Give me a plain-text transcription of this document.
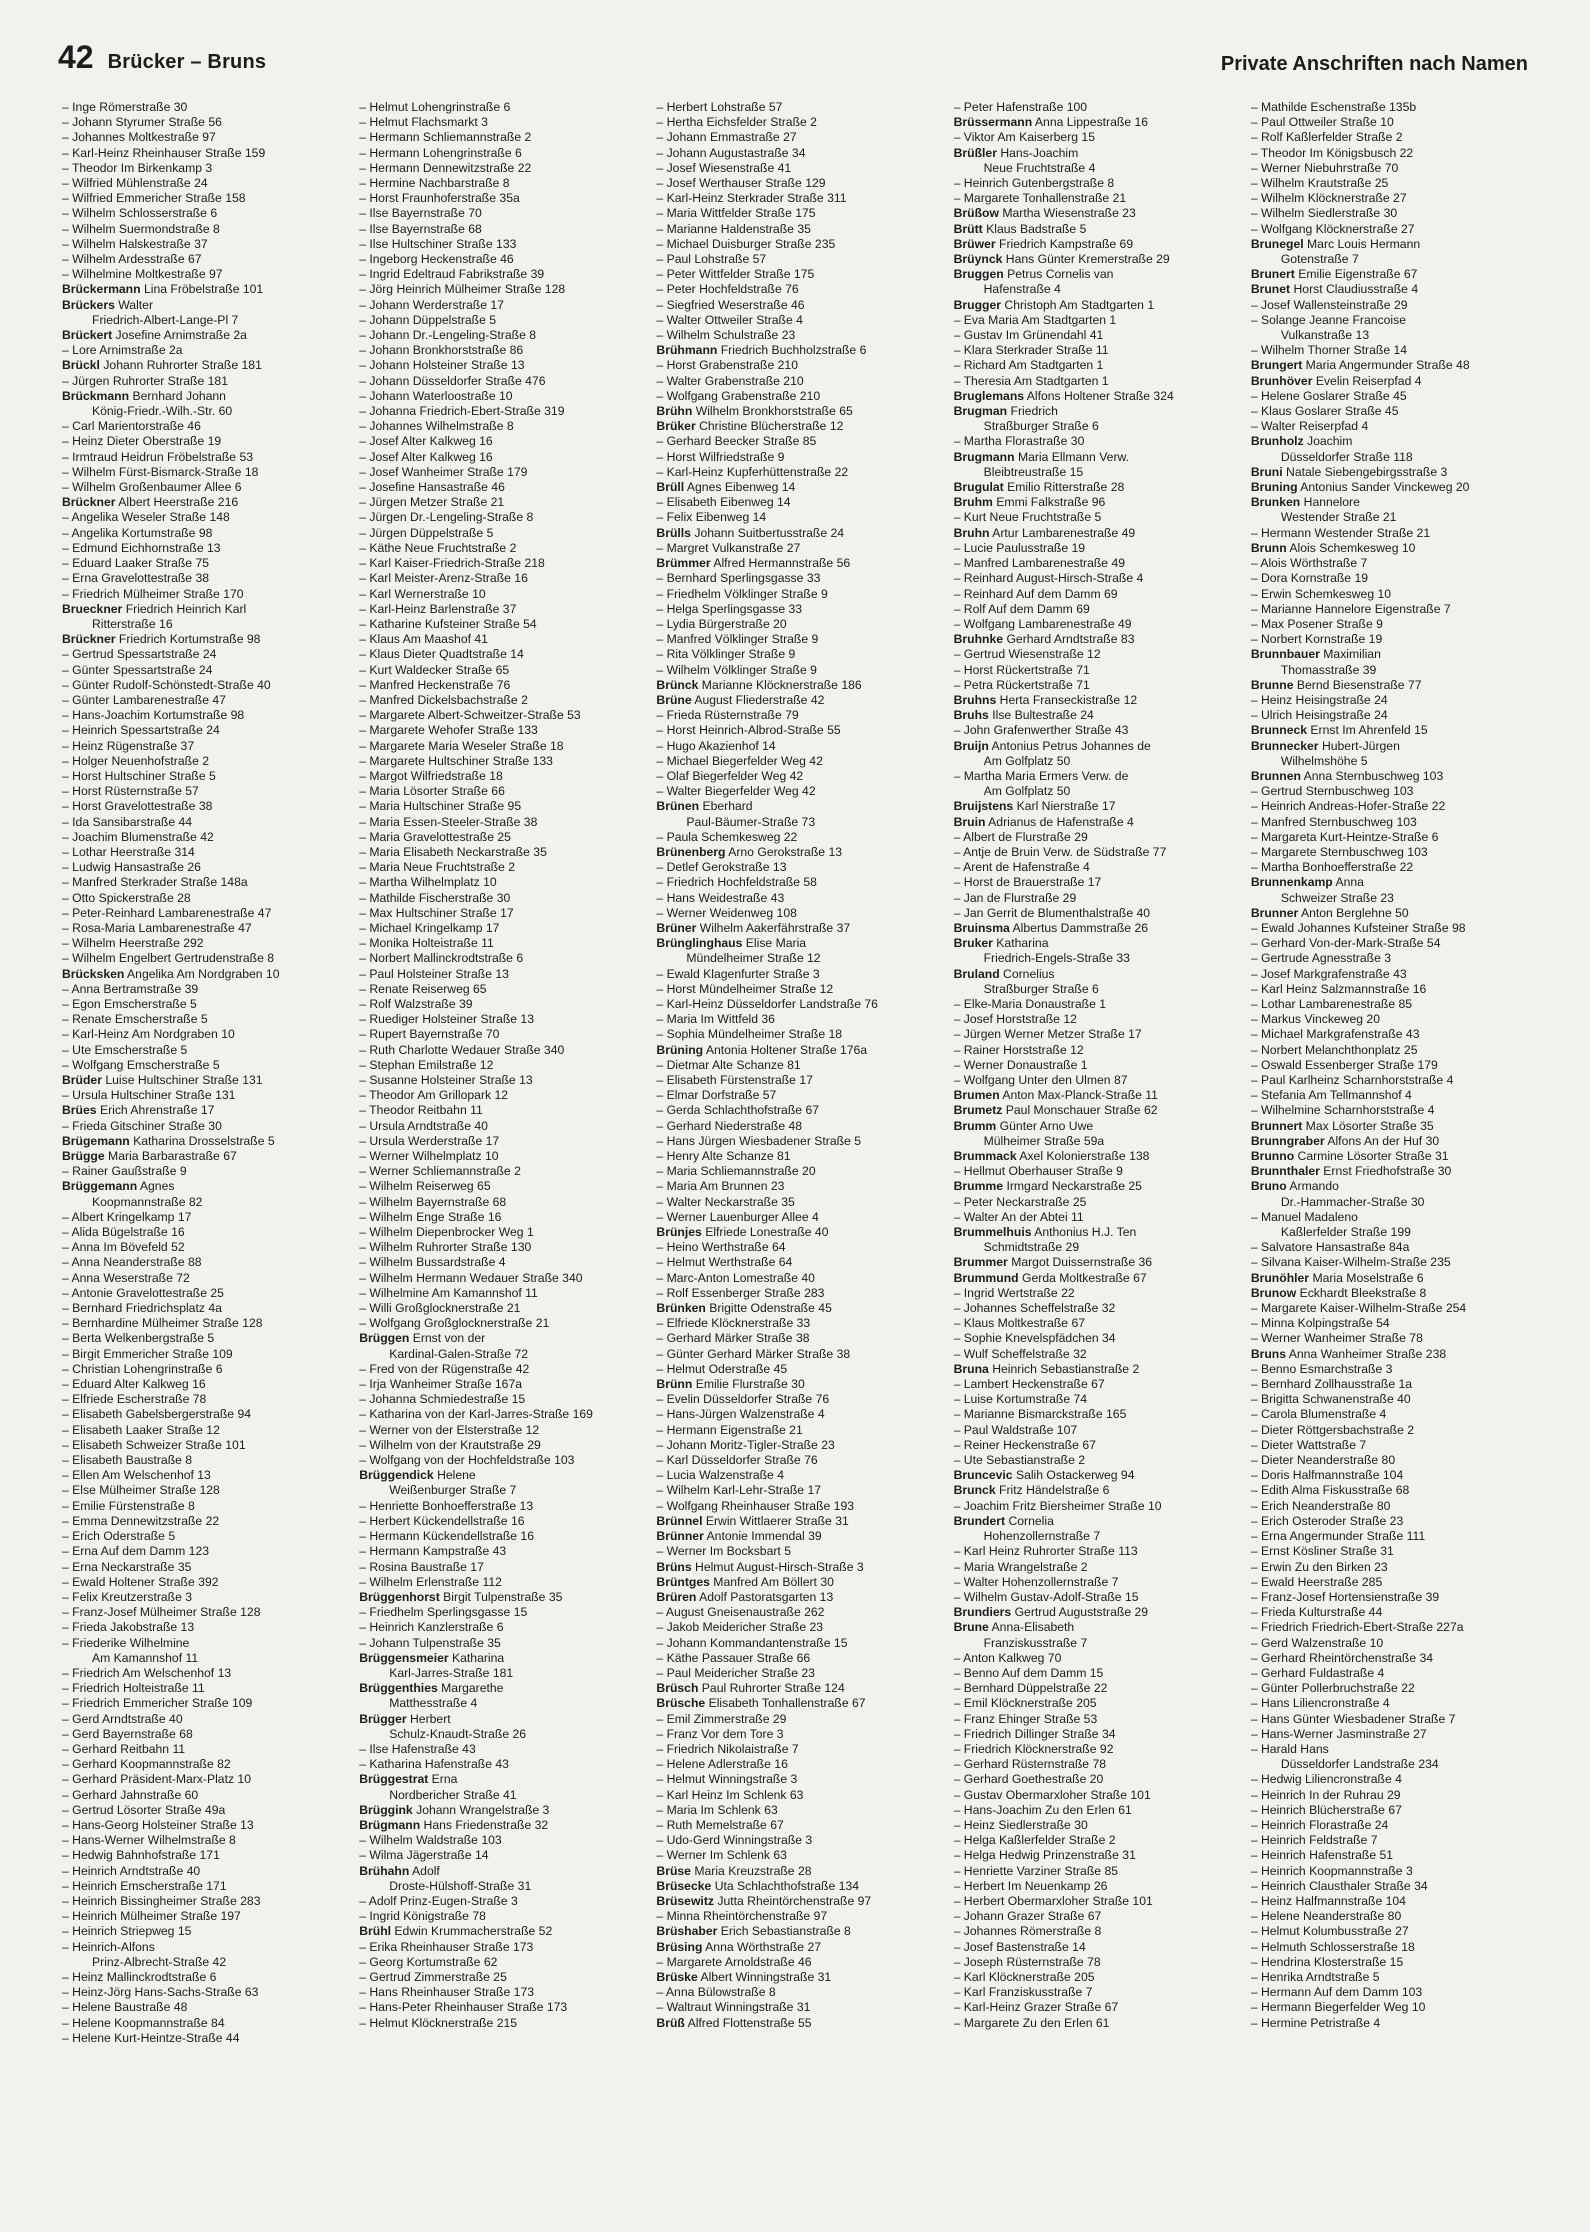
42 Brücker – Bruns	Private Anschriften nach Namen
– Inge Römerstraße 30
– Johann Styrumer Straße 56
– Johannes Moltkestraße 97
– Karl-Heinz Rheinhauser Straße 159
– Theodor Im Birkenkamp 3
– Wilfried Mühlenstraße 24
– Wilfried Emmericher Straße 158
– Wilhelm Schlosserstraße 6
– Wilhelm Suermondstraße 8
– Wilhelm Halskestraße 37
– Wilhelm Ardesstraße 67
– Wilhelmine Moltkestraße 97
Brückermann Lina Fröbelstraße 101
Brückers Walter
Friedrich-Albert-Lange-Pl 7
Brückert Josefine Arnimstraße 2a
– Lore Arnimstraße 2a
Brückl Johann Ruhrorter Straße 181
– Jürgen Ruhrorter Straße 181
Brückmann Bernhard Johann
König-Friedr.-Wilh.-Str. 60
– Carl Marientorstraße 46
– Heinz Dieter Oberstraße 19
– Irmtraud Heidrun Fröbelstraße 53
– Wilhelm Fürst-Bismarck-Straße 18
– Wilhelm Großenbaumer Allee 6
Brückner Albert Heerstraße 216
– Angelika Weseler Straße 148
– Angelika Kortumstraße 98
– Edmund Eichhornstraße 13
– Eduard Laaker Straße 75
– Erna Gravelottestraße 38
– Friedrich Mülheimer Straße 170
Brueckner Friedrich Heinrich Karl
Ritterstraße 16
Brückner Friedrich Kortumstraße 98
– Gertrud Spessartstraße 24
– Günter Spessartstraße 24
– Günter Rudolf-Schönstedt-Straße 40
– Günter Lambarenestraße 47
– Hans-Joachim Kortumstraße 98
– Heinrich Spessartstraße 24
– Heinz Rügenstraße 37
– Holger Neuenhofstraße 2
– Horst Hultschiner Straße 5
– Horst Rüsternstraße 57
– Horst Gravelottestraße 38
– Ida Sansibarstraße 44
– Joachim Blumenstraße 42
– Lothar Heerstraße 314
– Ludwig Hansastraße 26
– Manfred Sterkrader Straße 148a
– Otto Spickerstraße 28
– Peter-Reinhard Lambarenestraße 47
– Rosa-Maria Lambarenestraße 47
– Wilhelm Heerstraße 292
– Wilhelm Engelbert Gertrudenstraße 8
Brücksken Angelika Am Nordgraben 10
– Anna Bertramstraße 39
– Egon Emscherstraße 5
– Renate Emscherstraße 5
– Karl-Heinz Am Nordgraben 10
– Ute Emscherstraße 5
– Wolfgang Emscherstraße 5
Brüder Luise Hultschiner Straße 131
– Ursula Hultschiner Straße 131
Brües Erich Ahrenstraße 17
– Frieda Gitschiner Straße 30
Brügemann Katharina Drosselstraße 5
Brügge Maria Barbarastraße 67
– Rainer Gaußstraße 9
Brüggemann Agnes
Koopmannstraße 82
– Albert Kringelkamp 17
– Alida Bügelstraße 16
– Anna Im Bövefeld 52
– Anna Neanderstraße 88
– Anna Weserstraße 72
– Antonie Gravelottestraße 25
– Bernhard Friedrichsplatz 4a
– Bernhardine Mülheimer Straße 128
– Berta Welkenbergstraße 5
– Birgit Emmericher Straße 109
– Christian Lohengrinstraße 6
– Eduard Alter Kalkweg 16
– Elfriede Escherstraße 78
– Elisabeth Gabelsbergerstraße 94
– Elisabeth Laaker Straße 12
– Elisabeth Schweizer Straße 101
– Elisabeth Baustraße 8
– Ellen Am Welschenhof 13
– Else Mülheimer Straße 128
– Emilie Fürstenstraße 8
– Emma Dennewitzstraße 22
– Erich Oderstraße 5
– Erna Auf dem Damm 123
– Erna Neckarstraße 35
– Ewald Holtener Straße 392
– Felix Kreutzerstraße 3
– Franz-Josef Mülheimer Straße 128
– Frieda Jakobstraße 13
– Friederike Wilhelmine
Am Kamannshof 11
– Friedrich Am Welschenhof 13
– Friedrich Holteistraße 11
– Friedrich Emmericher Straße 109
– Gerd Arndtstraße 40
– Gerd Bayernstraße 68
– Gerhard Reitbahn 11
– Gerhard Koopmannstraße 82
– Gerhard Präsident-Marx-Platz 10
– Gerhard Jahnstraße 60
– Gertrud Lösorter Straße 49a
– Hans-Georg Holsteiner Straße 13
– Hans-Werner Wilhelmstraße 8
– Hedwig Bahnhofstraße 171
– Heinrich Arndtstraße 40
– Heinrich Emscherstraße 171
– Heinrich Bissingheimer Straße 283
– Heinrich Mülheimer Straße 197
– Heinrich Striepweg 15
– Heinrich-Alfons
Prinz-Albrecht-Straße 42
– Heinz Mallinckrodtstraße 6
– Heinz-Jörg Hans-Sachs-Straße 63
– Helene Baustraße 48
– Helene Koopmannstraße 84
– Helene Kurt-Heintze-Straße 44
– Helmut Lohengrinstraße 6
– Helmut Flachsmarkt 3
– Hermann Schliemannstraße 2
– Hermann Lohengrinstraße 6
– Hermann Dennewitzstraße 22
– Hermine Nachbarstraße 8
– Horst Fraunhoferstraße 35a
– Ilse Bayernstraße 70
– Ilse Bayernstraße 68
– Ilse Hultschiner Straße 133
– Ingeborg Heckenstraße 46
– Ingrid Edeltraud Fabrikstraße 39
– Jörg Heinrich Mülheimer Straße 128
– Johann Werderstraße 17
– Johann Düppelstraße 5
– Johann Dr.-Lengeling-Straße 8
– Johann Bronkhorststraße 86
– Johann Holsteiner Straße 13
– Johann Düsseldorfer Straße 476
– Johann Waterloostraße 10
– Johanna Friedrich-Ebert-Straße 319
– Johannes Wilhelmstraße 8
– Josef Alter Kalkweg 16
– Josef Alter Kalkweg 16
– Josef Wanheimer Straße 179
– Josefine Hansastraße 46
– Jürgen Metzer Straße 21
– Jürgen Dr.-Lengeling-Straße 8
– Jürgen Düppelstraße 5
– Käthe Neue Fruchtstraße 2
– Karl Kaiser-Friedrich-Straße 218
– Karl Meister-Arenz-Straße 16
– Karl Wernerstraße 10
– Karl-Heinz Barlenstraße 37
– Katharine Kufsteiner Straße 54
– Klaus Am Maashof 41
– Klaus Dieter Quadtstraße 14
– Kurt Waldecker Straße 65
– Manfred Heckenstraße 76
– Manfred Dickelsbachstraße 2
– Margarete Albert-Schweitzer-Straße 53
– Margarete Wehofer Straße 133
– Margarete Maria Weseler Straße 18
– Margarete Hultschiner Straße 133
– Margot Wilfriedstraße 18
– Maria Lösorter Straße 66
– Maria Hultschiner Straße 95
– Maria Essen-Steeler-Straße 38
– Maria Gravelottestraße 25
– Maria Elisabeth Neckarstraße 35
– Maria Neue Fruchtstraße 2
– Martha Wilhelmplatz 10
– Mathilde Fischerstraße 30
– Max Hultschiner Straße 17
– Michael Kringelkamp 17
– Monika Holteistraße 11
– Norbert Mallinckrodtstraße 6
– Paul Holsteiner Straße 13
– Renate Reiserweg 65
– Rolf Walzstraße 39
– Ruediger Holsteiner Straße 13
– Rupert Bayernstraße 70
– Ruth Charlotte Wedauer Straße 340
– Stephan Emilstraße 12
– Susanne Holsteiner Straße 13
– Theodor Am Grillopark 12
– Theodor Reitbahn 11
– Ursula Arndtstraße 40
– Ursula Werderstraße 17
– Werner Wilhelmplatz 10
– Werner Schliemannstraße 2
– Wilhelm Reiserweg 65
– Wilhelm Bayernstraße 68
– Wilhelm Enge Straße 16
– Wilhelm Diepenbrocker Weg 1
– Wilhelm Ruhrorter Straße 130
– Wilhelm Bussardstraße 4
– Wilhelm Hermann Wedauer Straße 340
– Wilhelmine Am Kamannshof 11
– Willi Großglocknerstraße 21
– Wolfgang Großglocknerstraße 21
Brüggen Ernst von der
Kardinal-Galen-Straße 72
– Fred von der Rügenstraße 42
– Irja Wanheimer Straße 167a
– Johanna Schmiedestraße 15
– Katharina von der Karl-Jarres-Straße 169
– Werner von der Elsterstraße 12
– Wilhelm von der Krautstraße 29
– Wolfgang von der Hochfeldstraße 103
Brüggendick Helene
Weißenburger Straße 7
– Henriette Bonhoefferstraße 13
– Herbert Kückendellstraße 16
– Hermann Kückendellstraße 16
– Hermann Kampstraße 43
– Rosina Baustraße 17
– Wilhelm Erlenstraße 112
Brüggenhorst Birgit Tulpenstraße 35
– Friedhelm Sperlingsgasse 15
– Heinrich Kanzlerstraße 6
– Johann Tulpenstraße 35
Brüggensmeier Katharina
Karl-Jarres-Straße 181
Brüggenthies Margarethe
Matthesstraße 4
Brügger Herbert
Schulz-Knaudt-Straße 26
– Ilse Hafenstraße 43
– Katharina Hafenstraße 43
Brüggestrat Erna
Nordbericher Straße 41
Brüggink Johann Wrangelstraße 3
Brügmann Hans Friedenstraße 32
– Wilhelm Waldstraße 103
– Wilma Jägerstraße 14
Brühahn Adolf
Droste-Hülshoff-Straße 31
– Adolf Prinz-Eugen-Straße 3
– Ingrid Königstraße 78
Brühl Edwin Krummacherstraße 52
– Erika Rheinhauser Straße 173
– Georg Kortumstraße 62
– Gertrud Zimmerstraße 25
– Hans Rheinhauser Straße 173
– Hans-Peter Rheinhauser Straße 173
– Helmut Klöcknerstraße 215
– Herbert Lohstraße 57
– Hertha Eichsfelder Straße 2
– Johann Emmastraße 27
– Johann Augustastraße 34
– Josef Wiesenstraße 41
– Josef Werthauser Straße 129
– Karl-Heinz Sterkrader Straße 311
– Maria Wittfelder Straße 175
– Marianne Haldenstraße 35
– Michael Duisburger Straße 235
– Paul Lohstraße 57
– Peter Wittfelder Straße 175
– Peter Hochfeldstraße 76
– Siegfried Weserstraße 46
– Walter Ottweiler Straße 4
– Wilhelm Schulstraße 23
Brühmann Friedrich Buchholzstraße 6
– Horst Grabenstraße 210
– Walter Grabenstraße 210
– Wolfgang Grabenstraße 210
Brühn Wilhelm Bronkhorststraße 65
Brüker Christine Blücherstraße 12
– Gerhard Beecker Straße 85
– Horst Wilfriedstraße 9
– Karl-Heinz Kupferhüttenstraße 22
Brüll Agnes Eibenweg 14
– Elisabeth Eibenweg 14
– Felix Eibenweg 14
Brülls Johann Suitbertusstraße 24
– Margret Vulkanstraße 27
Brümmer Alfred Hermannstraße 56
– Bernhard Sperlingsgasse 33
– Friedhelm Völklinger Straße 9
– Helga Sperlingsgasse 33
– Lydia Bürgerstraße 20
– Manfred Völklinger Straße 9
– Rita Völklinger Straße 9
– Wilhelm Völklinger Straße 9
Brünck Marianne Klöcknerstraße 186
Brüne August Fliederstraße 42
– Frieda Rüsternstraße 79
– Horst Heinrich-Albrod-Straße 55
– Hugo Akazienhof 14
– Michael Biegerfelder Weg 42
– Olaf Biegerfelder Weg 42
– Walter Biegerfelder Weg 42
Brünen Eberhard
Paul-Bäumer-Straße 73
– Paula Schemkesweg 22
Brünenberg Arno Gerokstraße 13
– Detlef Gerokstraße 13
– Friedrich Hochfeldstraße 58
– Hans Weidestraße 43
– Werner Weidenweg 108
Brüner Wilhelm Aakerfährstraße 37
Brünglinghaus Elise Maria
Mündelheimer Straße 12
– Ewald Klagenfurter Straße 3
– Horst Mündelheimer Straße 12
– Karl-Heinz Düsseldorfer Landstraße 76
– Maria Im Wittfeld 36
– Sophia Mündelheimer Straße 18
Brüning Antonia Holtener Straße 176a
– Dietmar Alte Schanze 81
– Elisabeth Fürstenstraße 17
– Elmar Dorfstraße 57
– Gerda Schlachthofstraße 67
– Gerhard Niederstraße 48
– Hans Jürgen Wiesbadener Straße 5
– Henry Alte Schanze 81
– Maria Schliemannstraße 20
– Maria Am Brunnen 23
– Walter Neckarstraße 35
– Werner Lauenburger Allee 4
Brünjes Elfriede Lonestraße 40
– Heino Werthstraße 64
– Helmut Werthstraße 64
– Marc-Anton Lomestraße 40
– Rolf Essenberger Straße 283
Brünken Brigitte Odenstraße 45
– Elfriede Klöcknerstraße 33
– Gerhard Märker Straße 38
– Günter Gerhard Märker Straße 38
– Helmut Oderstraße 45
Brünn Emilie Flurstraße 30
– Evelin Düsseldorfer Straße 76
– Hans-Jürgen Walzenstraße 4
– Hermann Eigenstraße 21
– Johann Moritz-Tigler-Straße 23
– Karl Düsseldorfer Straße 76
– Lucia Walzenstraße 4
– Wilhelm Karl-Lehr-Straße 17
– Wolfgang Rheinhauser Straße 193
Brünnel Erwin Wittlaerer Straße 31
Brünner Antonie Immendal 39
– Werner Im Bocksbart 5
Brüns Helmut August-Hirsch-Straße 3
Brüntges Manfred Am Böllert 30
Brüren Adolf Pastoratsgarten 13
– August Gneisenaustraße 262
– Jakob Meidericher Straße 23
– Johann Kommandantenstraße 15
– Käthe Passauer Straße 66
– Paul Meidericher Straße 23
Brüsch Paul Ruhrorter Straße 124
Brüsche Elisabeth Tonhallenstraße 67
– Emil Zimmerstraße 29
– Franz Vor dem Tore 3
– Friedrich Nikolaistraße 7
– Helene Adlerstraße 16
– Helmut Winningstraße 3
– Karl Heinz Im Schlenk 63
– Maria Im Schlenk 63
– Ruth Memelstraße 67
– Udo-Gerd Winningstraße 3
– Werner Im Schlenk 63
Brüse Maria Kreuzstraße 28
Brüsecke Uta Schlachthofstraße 134
Brüsewitz Jutta Rheintörchenstraße 97
– Minna Rheintörchenstraße 97
Brüshaber Erich Sebastianstraße 8
Brüsing Anna Wörthstraße 27
– Margarete Arnoldstraße 46
Brüske Albert Winningstraße 31
– Anna Bülowstraße 8
– Waltraut Winningstraße 31
Brüß Alfred Flottenstraße 55
– Peter Hafenstraße 100
Brüssermann Anna Lippestraße 16
– Viktor Am Kaiserberg 15
Brüßler Hans-Joachim
Neue Fruchtstraße 4
– Heinrich Gutenbergstraße 8
– Margarete Tonhallenstraße 21
Brüßow Martha Wiesenstraße 23
Brütt Klaus Badstraße 5
Brüwer Friedrich Kampstraße 69
Brüynck Hans Günter Kremerstraße 29
Bruggen Petrus Cornelis van
Hafenstraße 4
Brugger Christoph Am Stadtgarten 1
– Eva Maria Am Stadtgarten 1
– Gustav Im Grünendahl 41
– Klara Sterkrader Straße 11
– Richard Am Stadtgarten 1
– Theresia Am Stadtgarten 1
Bruglemans Alfons Holtener Straße 324
Brugman Friedrich
Straßburger Straße 6
– Martha Florastraße 30
Brugmann Maria Ellmann Verw.
Bleibtreustraße 15
Brugulat Emilio Ritterstraße 28
Bruhm Emmi Falkstraße 96
– Kurt Neue Fruchtstraße 5
Bruhn Artur Lambarenestraße 49
– Lucie Paulusstraße 19
– Manfred Lambarenestraße 49
– Reinhard August-Hirsch-Straße 4
– Reinhard Auf dem Damm 69
– Rolf Auf dem Damm 69
– Wolfgang Lambarenestraße 49
Bruhnke Gerhard Arndtstraße 83
– Gertrud Wiesenstraße 12
– Horst Rückertstraße 71
– Petra Rückertstraße 71
Bruhns Herta Franseckistraße 12
Bruhs Ilse Bultestraße 24
– John Grafenwerther Straße 43
Bruijn Antonius Petrus Johannes de
Am Golfplatz 50
– Martha Maria Ermers Verw. de
Am Golfplatz 50
Bruijstens Karl Nierstraße 17
Bruin Adrianus de Hafenstraße 4
– Albert de Flurstraße 29
– Antje de Bruin Verw. de Südstraße 77
– Arent de Hafenstraße 4
– Horst de Brauerstraße 17
– Jan de Flurstraße 29
– Jan Gerrit de Blumenthalstraße 40
Bruinsma Albertus Dammstraße 26
Bruker Katharina
Friedrich-Engels-Straße 33
Bruland Cornelius
Straßburger Straße 6
– Elke-Maria Donaustraße 1
– Josef Horststraße 12
– Jürgen Werner Metzer Straße 17
– Rainer Horststraße 12
– Werner Donaustraße 1
– Wolfgang Unter den Ulmen 87
Brumen Anton Max-Planck-Straße 11
Brumetz Paul Monschauer Straße 62
Brumm Günter Arno Uwe
Mülheimer Straße 59a
Brummack Axel Kolonierstraße 138
– Hellmut Oberhauser Straße 9
Brumme Irmgard Neckarstraße 25
– Peter Neckarstraße 25
– Walter An der Abtei 11
Brummelhuis Anthonius H.J. Ten
Schmidtstraße 29
Brummer Margot Duissernstraße 36
Brummund Gerda Moltkestraße 67
– Ingrid Wertstraße 22
– Johannes Scheffelstraße 32
– Klaus Moltkestraße 67
– Sophie Knevelspfädchen 34
– Wulf Scheffelstraße 32
Bruna Heinrich Sebastianstraße 2
– Lambert Heckenstraße 67
– Luise Kortumstraße 74
– Marianne Bismarckstraße 165
– Paul Waldstraße 107
– Reiner Heckenstraße 67
– Ute Sebastianstraße 2
Bruncevic Salih Ostackerweg 94
Brunck Fritz Händelstraße 6
– Joachim Fritz Biersheimer Straße 10
Brundert Cornelia
Hohenzollernstraße 7
– Karl Heinz Ruhrorter Straße 113
– Maria Wrangelstraße 2
– Walter Hohenzollernstraße 7
– Wilhelm Gustav-Adolf-Straße 15
Brundiers Gertrud Auguststraße 29
Brune Anna-Elisabeth
Franziskusstraße 7
– Anton Kalkweg 70
– Benno Auf dem Damm 15
– Bernhard Düppelstraße 22
– Emil Klöcknerstraße 205
– Franz Ehinger Straße 53
– Friedrich Dillinger Straße 34
– Friedrich Klöcknerstraße 92
– Gerhard Rüsternstraße 78
– Gerhard Goethestraße 20
– Gustav Obermarxloher Straße 101
– Hans-Joachim Zu den Erlen 61
– Heinz Siedlerstraße 30
– Helga Kaßlerfelder Straße 2
– Helga Hedwig Prinzenstraße 31
– Henriette Varziner Straße 85
– Herbert Im Neuenkamp 26
– Herbert Obermarxloher Straße 101
– Johann Grazer Straße 67
– Johannes Römerstraße 8
– Josef Bastenstraße 14
– Joseph Rüsternstraße 78
– Karl Klöcknerstraße 205
– Karl Franziskusstraße 7
– Karl-Heinz Grazer Straße 67
– Margarete Zu den Erlen 61
– Mathilde Eschenstraße 135b
– Paul Ottweiler Straße 10
– Rolf Kaßlerfelder Straße 2
– Theodor Im Königsbusch 22
– Werner Niebuhrstraße 70
– Wilhelm Krautstraße 25
– Wilhelm Klöcknerstraße 27
– Wilhelm Siedlerstraße 30
– Wolfgang Klöcknerstraße 27
Brunegel Marc Louis Hermann
Gotenstraße 7
Brunert Emilie Eigenstraße 67
Brunet Horst Claudiusstraße 4
– Josef Wallensteinstraße 29
– Solange Jeanne Francoise
Vulkanstraße 13
– Wilhelm Thorner Straße 14
Brungert Maria Angermunder Straße 48
Brunhöver Evelin Reiserpfad 4
– Helene Goslarer Straße 45
– Klaus Goslarer Straße 45
– Walter Reiserpfad 4
Brunholz Joachim
Düsseldorfer Straße 118
Bruni Natale Siebengebirgsstraße 3
Bruning Antonius Sander Vinckeweg 20
Brunken Hannelore
Westender Straße 21
– Hermann Westender Straße 21
Brunn Alois Schemkesweg 10
– Alois Wörthstraße 7
– Dora Kornstraße 19
– Erwin Schemkesweg 10
– Marianne Hannelore Eigenstraße 7
– Max Posener Straße 9
– Norbert Kornstraße 19
Brunnbauer Maximilian
Thomasstraße 39
Brunne Bernd Biesenstraße 77
– Heinz Heisingstraße 24
– Ulrich Heisingstraße 24
Brunneck Ernst Im Ahrenfeld 15
Brunnecker Hubert-Jürgen
Wilhelmshöhe 5
Brunnen Anna Sternbuschweg 103
– Gertrud Sternbuschweg 103
– Heinrich Andreas-Hofer-Straße 22
– Manfred Sternbuschweg 103
– Margareta Kurt-Heintze-Straße 6
– Margarete Sternbuschweg 103
– Martha Bonhoefferstraße 22
Brunnenkamp Anna
Schweizer Straße 23
Brunner Anton Berglehne 50
– Ewald Johannes Kufsteiner Straße 98
– Gerhard Von-der-Mark-Straße 54
– Gertrude Agnesstraße 3
– Josef Markgrafenstraße 43
– Karl Heinz Salzmannstraße 16
– Lothar Lambarenestraße 85
– Markus Vinckeweg 20
– Michael Markgrafenstraße 43
– Norbert Melanchthonplatz 25
– Oswald Essenberger Straße 179
– Paul Karlheinz Scharnhorststraße 4
– Stefania Am Tellmannshof 4
– Wilhelmine Scharnhorststraße 4
Brunnert Max Lösorter Straße 35
Brunngraber Alfons An der Huf 30
Brunno Carmine Lösorter Straße 31
Brunnthaler Ernst Friedhofstraße 30
Bruno Armando
Dr.-Hammacher-Straße 30
– Manuel Madaleno
Kaßlerfelder Straße 199
– Salvatore Hansastraße 84a
– Silvana Kaiser-Wilhelm-Straße 235
Brunöhler Maria Moselstraße 6
Brunow Eckhardt Bleekstraße 8
– Margarete Kaiser-Wilhelm-Straße 254
– Minna Kolpingstraße 54
– Werner Wanheimer Straße 78
Bruns Anna Wanheimer Straße 238
– Benno Esmarchstraße 3
– Bernhard Zollhausstraße 1a
– Brigitta Schwanenstraße 40
– Carola Blumenstraße 4
– Dieter Röttgersbachstraße 2
– Dieter Wattstraße 7
– Dieter Neanderstraße 80
– Doris Halfmannstraße 104
– Edith Alma Fiskusstraße 68
– Erich Neanderstraße 80
– Erich Osteroder Straße 23
– Erna Angermunder Straße 111
– Ernst Kösliner Straße 31
– Erwin Zu den Birken 23
– Ewald Heerstraße 285
– Franz-Josef Hortensienstraße 39
– Frieda Kulturstraße 44
– Friedrich Friedrich-Ebert-Straße 227a
– Gerd Walzenstraße 10
– Gerhard Rheintörchenstraße 34
– Gerhard Fuldastraße 4
– Günter Pollerbruchstraße 22
– Hans Liliencronstraße 4
– Hans Günter Wiesbadener Straße 7
– Hans-Werner Jasminstraße 27
– Harald Hans
Düsseldorfer Landstraße 234
– Hedwig Liliencronstraße 4
– Heinrich In der Ruhrau 29
– Heinrich Blücherstraße 67
– Heinrich Florastraße 24
– Heinrich Feldstraße 7
– Heinrich Hafenstraße 51
– Heinrich Koopmannstraße 3
– Heinrich Clausthaler Straße 34
– Heinz Halfmannstraße 104
– Helene Neanderstraße 80
– Helmut Kolumbusstraße 27
– Helmuth Schlosserstraße 18
– Hendrina Klosterstraße 15
– Henrika Arndtstraße 5
– Hermann Auf dem Damm 103
– Hermann Biegerfelder Weg 10
– Hermine Petristraße 4
